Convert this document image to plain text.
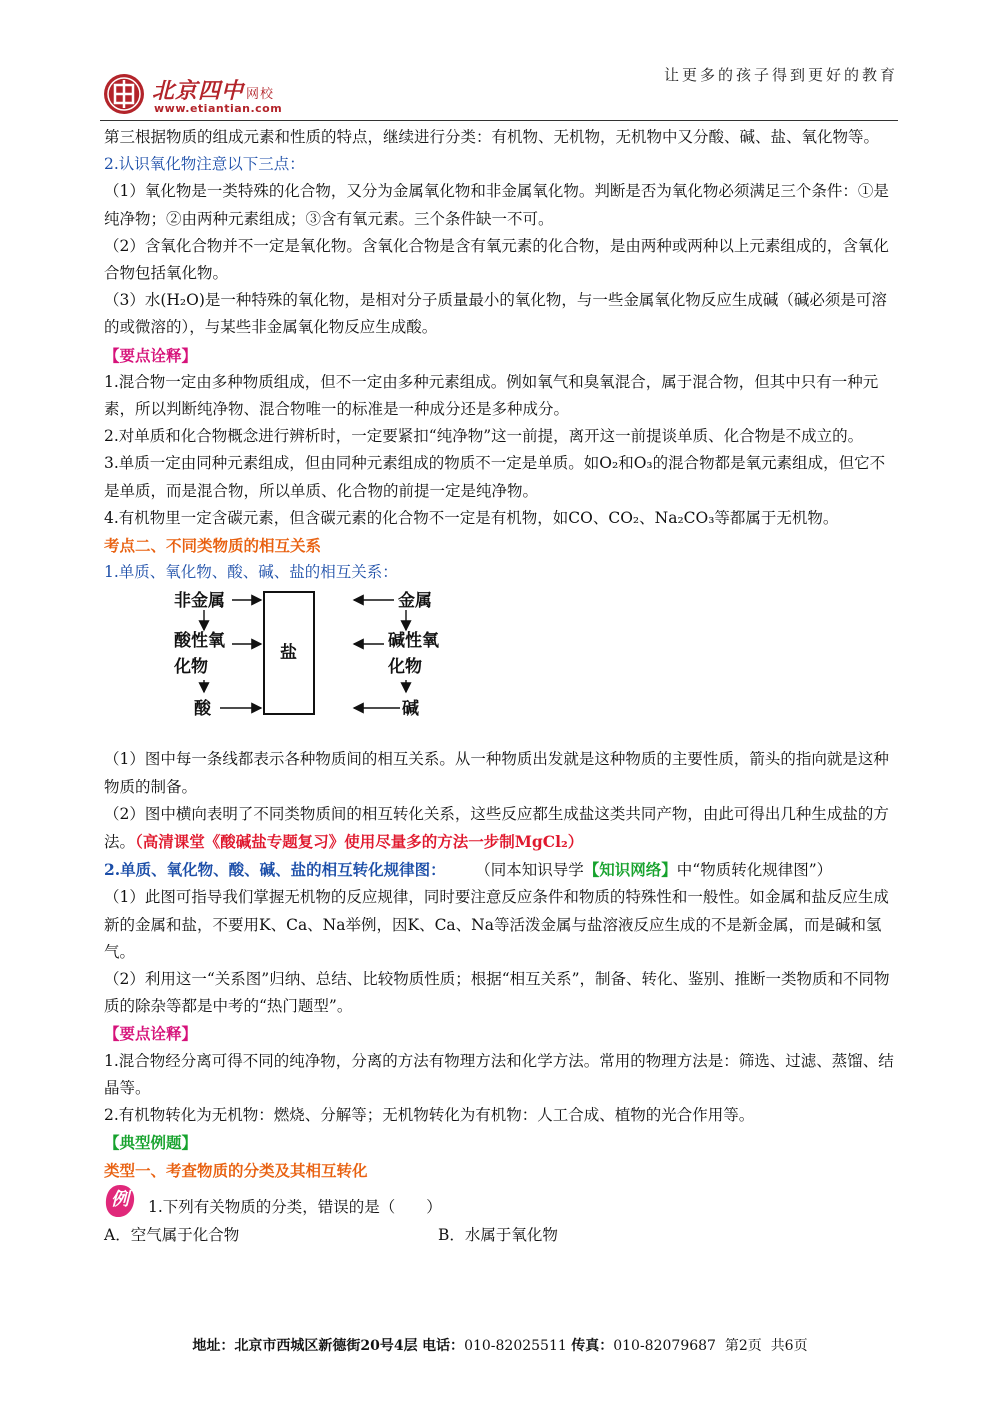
让更多的孩子得到更好的教育
北京四中 网校
www.etiantian.com

第三根据物质的组成元素和性质的特点，继续进行分类：有机物、无机物，无机物中又分酸、碱、盐、氧化物等。

2.认识氧化物注意以下三点：

（1）氧化物是一类特殊的化合物，又分为金属氧化物和非金属氧化物。判断是否为氧化物必须满足三个条件：①是纯净物；②由两种元素组成；③含有氧元素。三个条件缺一不可。

（2）含氧化合物并不一定是氧化物。含氧化合物是含有氧元素的化合物，是由两种或两种以上元素组成的，含氧化合物包括氧化物。

（3）水(H₂O)是一种特殊的氧化物，是相对分子质量最小的氧化物，与一些金属氧化物反应生成碱（碱必须是可溶的或微溶的），与某些非金属氧化物反应生成酸。

【要点诠释】

1.混合物一定由多种物质组成，但不一定由多种元素组成。例如氧气和臭氧混合，属于混合物，但其中只有一种元素，所以判断纯净物、混合物唯一的标准是一种成分还是多种成分。

2.对单质和化合物概念进行辨析时，一定要紧扣“纯净物”这一前提，离开这一前提谈单质、化合物是不成立的。

3.单质一定由同种元素组成，但由同种元素组成的物质不一定是单质。如O₂和O₃的混合物都是氧元素组成，但它不是单质，而是混合物，所以单质、化合物的前提一定是纯净物。

4.有机物里一定含碳元素，但含碳元素的化合物不一定是有机物，如CO、CO₂、Na₂CO₃等都属于无机物。

考点二、不同类物质的相互关系

1.单质、氧化物、酸、碱、盐的相互关系：

非金属
酸性氧
化物
酸
盐
金属
碱性氧
化物
碱

（1）图中每一条线都表示各种物质间的相互关系。从一种物质出发就是这种物质的主要性质，箭头的指向就是这种物质的制备。

（2）图中横向表明了不同类物质间的相互转化关系，这些反应都生成盐这类共同产物，由此可得出几种生成盐的方法。（高清课堂《酸碱盐专题复习》使用尽量多的方法一步制MgCl₂）

2.单质、氧化物、酸、碱、盐的相互转化规律图： （同本知识导学【知识网络】中“物质转化规律图”）

（1）此图可指导我们掌握无机物的反应规律，同时要注意反应条件和物质的特殊性和一般性。如金属和盐反应生成新的金属和盐，不要用K、Ca、Na举例，因K、Ca、Na等活泼金属与盐溶液反应生成的不是新金属，而是碱和氢气。

（2）利用这一“关系图”归纳、总结、比较物质性质；根据“相互关系”，制备、转化、鉴别、推断一类物质和不同物质的除杂等都是中考的“热门题型”。

【要点诠释】

1.混合物经分离可得不同的纯净物，分离的方法有物理方法和化学方法。常用的物理方法是：筛选、过滤、蒸馏、结晶等。

2.有机物转化为无机物：燃烧、分解等；无机物转化为有机物：人工合成、植物的光合作用等。

【典型例题】

类型一、考查物质的分类及其相互转化

例 1.下列有关物质的分类，错误的是（　　）
A．空气属于化合物	B．水属于氧化物
地址：北京市西城区新德街20号4层 电话：010-82025511 传真：010-82079687 第2页 共6页
